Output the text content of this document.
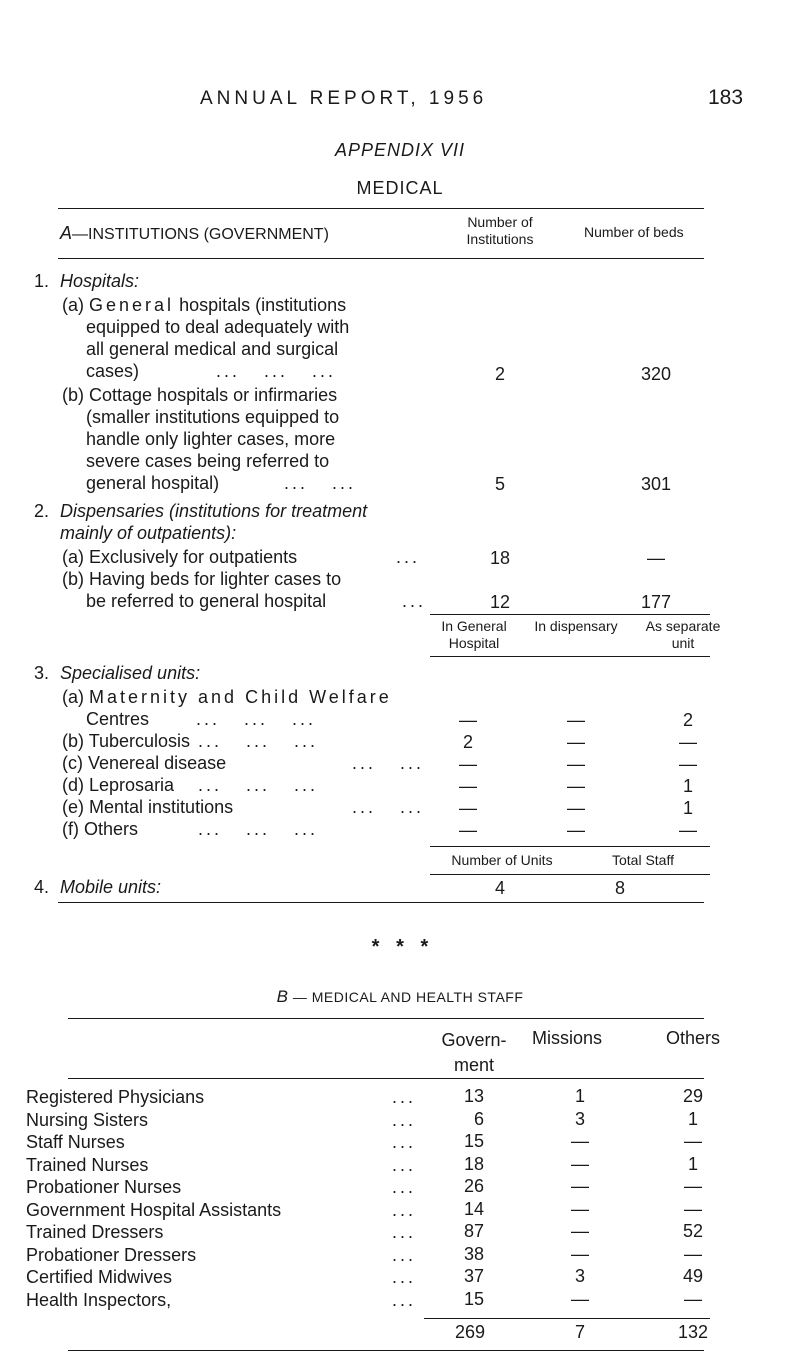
ANNUAL REPORT, 1956	183
APPENDIX VII
MEDICAL
A—INSTITUTIONS (GOVERNMENT)
Number of
Institutions	Number of beds
1. Hospitals:
(a) General hospitals (institutions
equipped to deal adequately with
all general medical and surgical
cases)	...   ...   ...	2	320
(b) Cottage hospitals or infirmaries
(smaller institutions equipped to
handle only lighter cases, more
severe cases being referred to
general hospital)	...   ...	5	301
2. Dispensaries (institutions for treatment
mainly of outpatients):
(a) Exclusively for outpatients	...	18	—
(b) Having beds for lighter cases to
be referred to general hospital	...	12	177
In General
Hospital
In dispensary	As separate
unit
3. Specialised units:
(a) Maternity and Child Welfare
Centres	...   ...   ...	—	—	2
(b) Tuberculosis ...   ...   ...	2	—	—
(c) Venereal disease	...   ...	—	—	—
(d) Leprosaria ...   ...   ...	—	—	1
(e) Mental institutions	...   ...	—	—	1
(f) Others	...   ...   ...	—	—	—
Number of Units	Total Staff
4. Mobile units:	4	8
*   *   *
B — MEDICAL AND HEALTH STAFF
Govern-
ment
Missions	Others
Registered Physicians	13	1	29
...
Nursing Sisters	6	3	1
...
Staff Nurses	15	—	—
...
Trained Nurses	18	—	1
...
Probationer Nurses	26	—	—
...
Government Hospital Assistants	14	—	—
...
Trained Dressers	87	—	52
...
Probationer Dressers	38	—	—
...
Certified Midwives	37	3	49
...
Health Inspectors,	15	—	—
...
269	7	132
